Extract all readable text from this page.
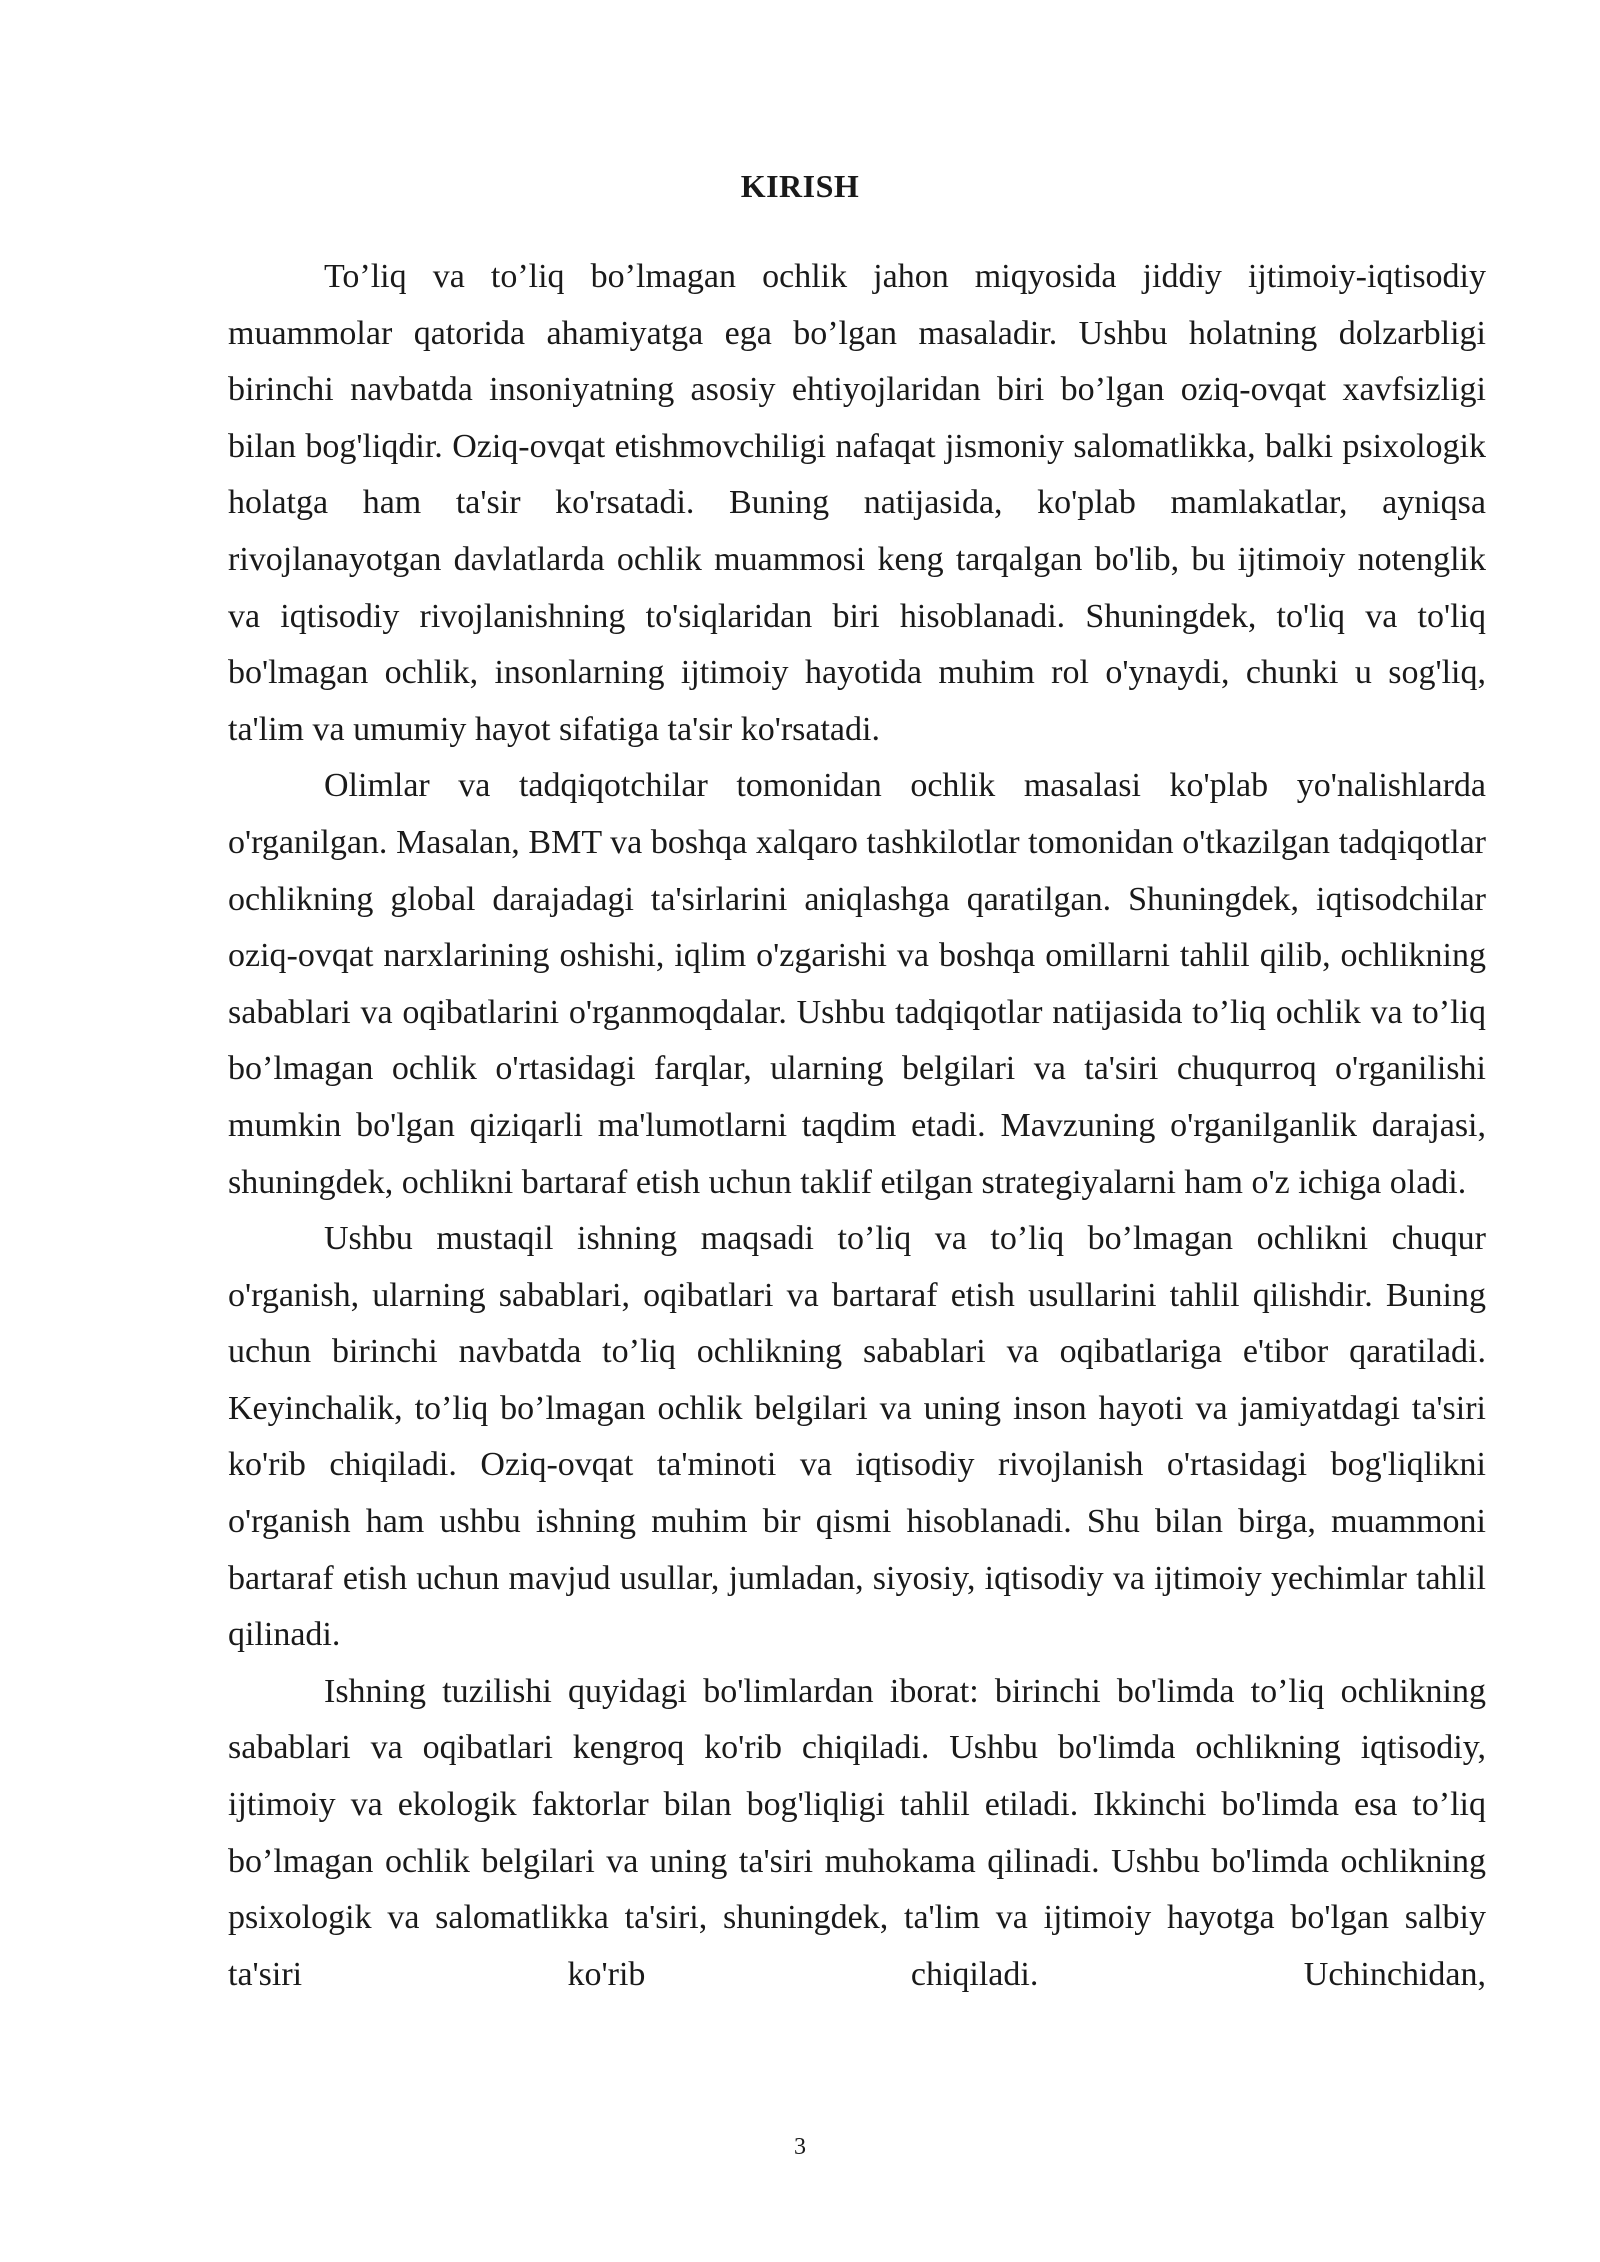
KIRISH

To’liq va to’liq bo’lmagan ochlik jahon miqyosida jiddiy ijtimoiy-iqtisodiy muammolar qatorida ahamiyatga ega bo’lgan masaladir. Ushbu holatning dolzarbligi birinchi navbatda insoniyatning asosiy ehtiyojlaridan biri bo’lgan oziq-ovqat xavfsizligi bilan bog'liqdir. Oziq-ovqat etishmovchiligi nafaqat jismoniy salomatlikka, balki psixologik holatga ham ta'sir ko'rsatadi. Buning natijasida, ko'plab mamlakatlar, ayniqsa rivojlanayotgan davlatlarda ochlik muammosi keng tarqalgan bo'lib, bu ijtimoiy notenglik va iqtisodiy rivojlanishning to'siqlaridan biri hisoblanadi. Shuningdek, to'liq va to'liq bo'lmagan ochlik, insonlarning ijtimoiy hayotida muhim rol o'ynaydi, chunki u sog'liq, ta'lim va umumiy hayot sifatiga ta'sir ko'rsatadi.

Olimlar va tadqiqotchilar tomonidan ochlik masalasi ko'plab yo'nalishlarda o'rganilgan. Masalan, BMT va boshqa xalqaro tashkilotlar tomonidan o'tkazilgan tadqiqotlar ochlikning global darajadagi ta'sirlarini aniqlashga qaratilgan. Shuningdek, iqtisodchilar oziq-ovqat narxlarining oshishi, iqlim o'zgarishi va boshqa omillarni tahlil qilib, ochlikning sabablari va oqibatlarini o'rganmoqdalar. Ushbu tadqiqotlar natijasida to’liq ochlik va to’liq bo’lmagan ochlik o'rtasidagi farqlar, ularning belgilari va ta'siri chuqurroq o'rganilishi mumkin bo'lgan qiziqarli ma'lumotlarni taqdim etadi. Mavzuning o'rganilganlik darajasi, shuningdek, ochlikni bartaraf etish uchun taklif etilgan strategiyalarni ham o'z ichiga oladi.

Ushbu mustaqil ishning maqsadi to’liq va to’liq bo’lmagan ochlikni chuqur o'rganish, ularning sabablari, oqibatlari va bartaraf etish usullarini tahlil qilishdir. Buning uchun birinchi navbatda to’liq ochlikning sabablari va oqibatlariga e'tibor qaratiladi. Keyinchalik, to’liq bo’lmagan ochlik belgilari va uning inson hayoti va jamiyatdagi ta'siri ko'rib chiqiladi. Oziq-ovqat ta'minoti va iqtisodiy rivojlanish o'rtasidagi bog'liqlikni o'rganish ham ushbu ishning muhim bir qismi hisoblanadi. Shu bilan birga, muammoni bartaraf etish uchun mavjud usullar, jumladan, siyosiy, iqtisodiy va ijtimoiy yechimlar tahlil qilinadi.

Ishning tuzilishi quyidagi bo'limlardan iborat: birinchi bo'limda to’liq ochlikning sabablari va oqibatlari kengroq ko'rib chiqiladi. Ushbu bo'limda ochlikning iqtisodiy, ijtimoiy va ekologik faktorlar bilan bog'liqligi tahlil etiladi. Ikkinchi bo'limda esa to’liq bo’lmagan ochlik belgilari va uning ta'siri muhokama qilinadi. Ushbu bo'limda ochlikning psixologik va salomatlikka ta'siri, shuningdek, ta'lim va ijtimoiy hayotga bo'lgan salbiy ta'siri ko'rib chiqiladi. Uchinchidan,

3
